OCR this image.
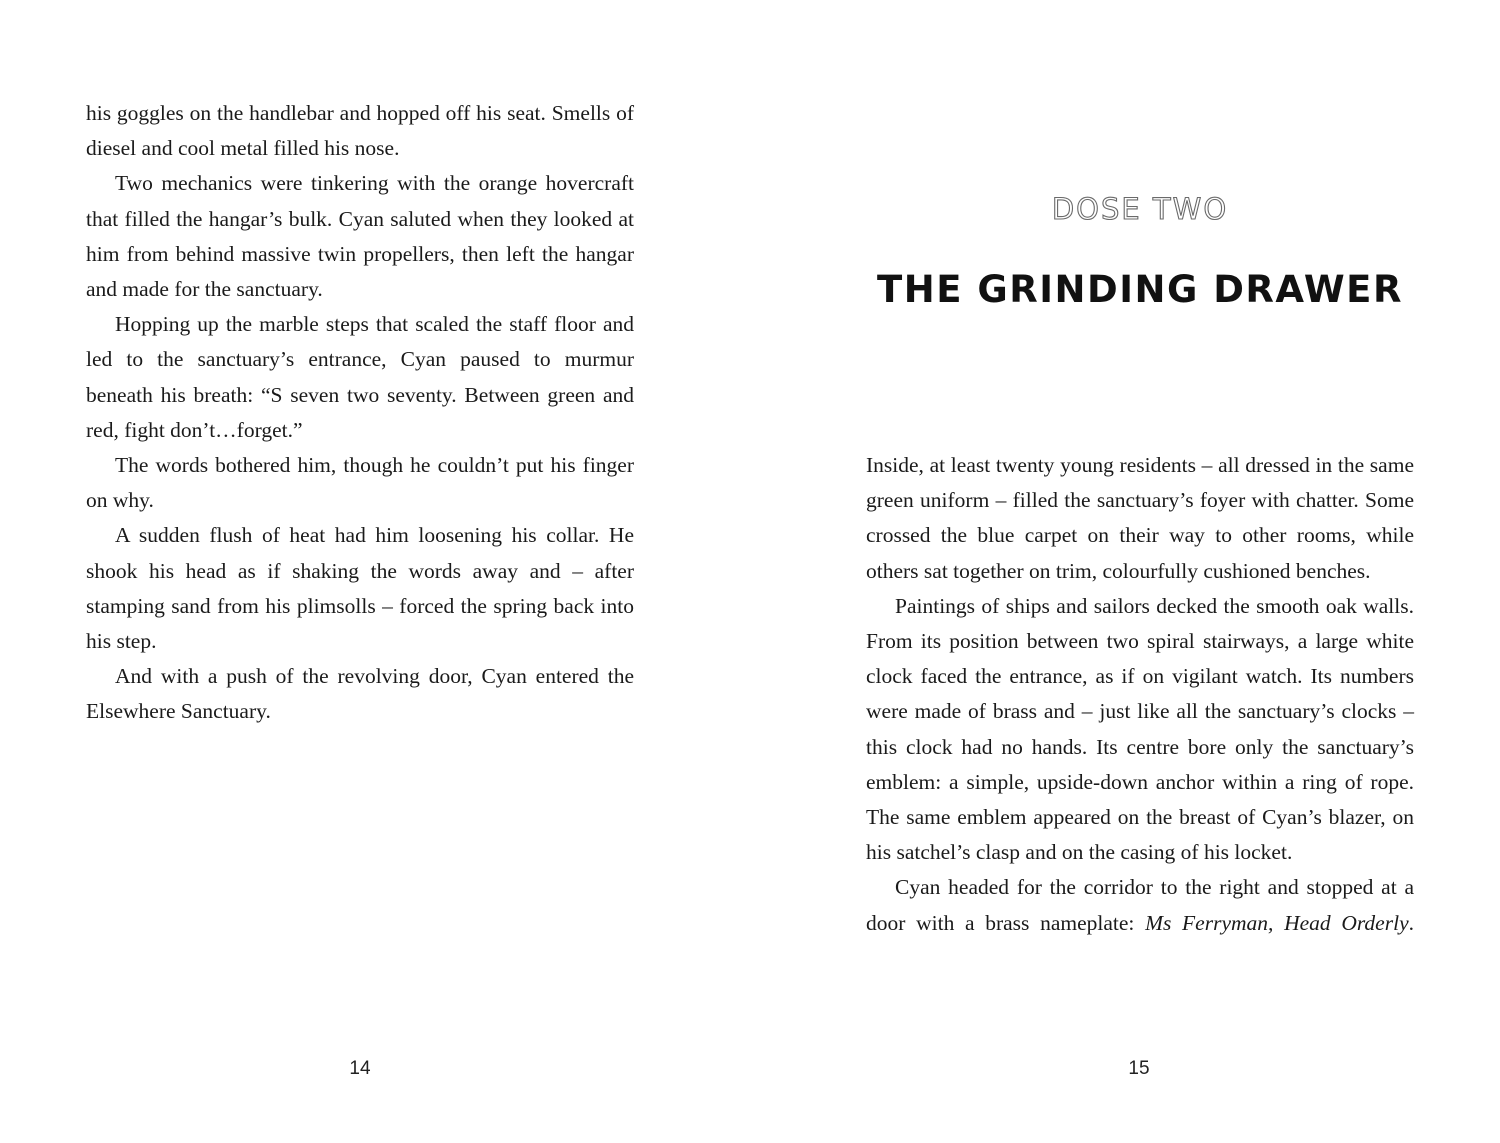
his goggles on the handlebar and hopped off his seat. Smells of diesel and cool metal filled his nose.

Two mechanics were tinkering with the orange hovercraft that filled the hangar’s bulk. Cyan saluted when they looked at him from behind massive twin propellers, then left the hangar and made for the sanctuary.

Hopping up the marble steps that scaled the staff floor and led to the sanctuary’s entrance, Cyan paused to murmur beneath his breath: “S seven two seventy. Between green and red, fight don’t…forget.”

The words bothered him, though he couldn’t put his finger on why.

A sudden flush of heat had him loosening his collar. He shook his head as if shaking the words away and – after stamping sand from his plimsolls – forced the spring back into his step.

And with a push of the revolving door, Cyan entered the Elsewhere Sanctuary.

14
DOSE TWO
THE GRINDING DRAWER

Inside, at least twenty young residents – all dressed in the same green uniform – filled the sanctuary’s foyer with chatter. Some crossed the blue carpet on their way to other rooms, while others sat together on trim, colourfully cushioned benches.

Paintings of ships and sailors decked the smooth oak walls. From its position between two spiral stairways, a large white clock faced the entrance, as if on vigilant watch. Its numbers were made of brass and – just like all the sanctuary’s clocks – this clock had no hands. Its centre bore only the sanctuary’s emblem: a simple, upside-down anchor within a ring of rope. The same emblem appeared on the breast of Cyan’s blazer, on his satchel’s clasp and on the casing of his locket.

Cyan headed for the corridor to the right and stopped at a door with a brass nameplate: Ms Ferryman, Head Orderly.

15
